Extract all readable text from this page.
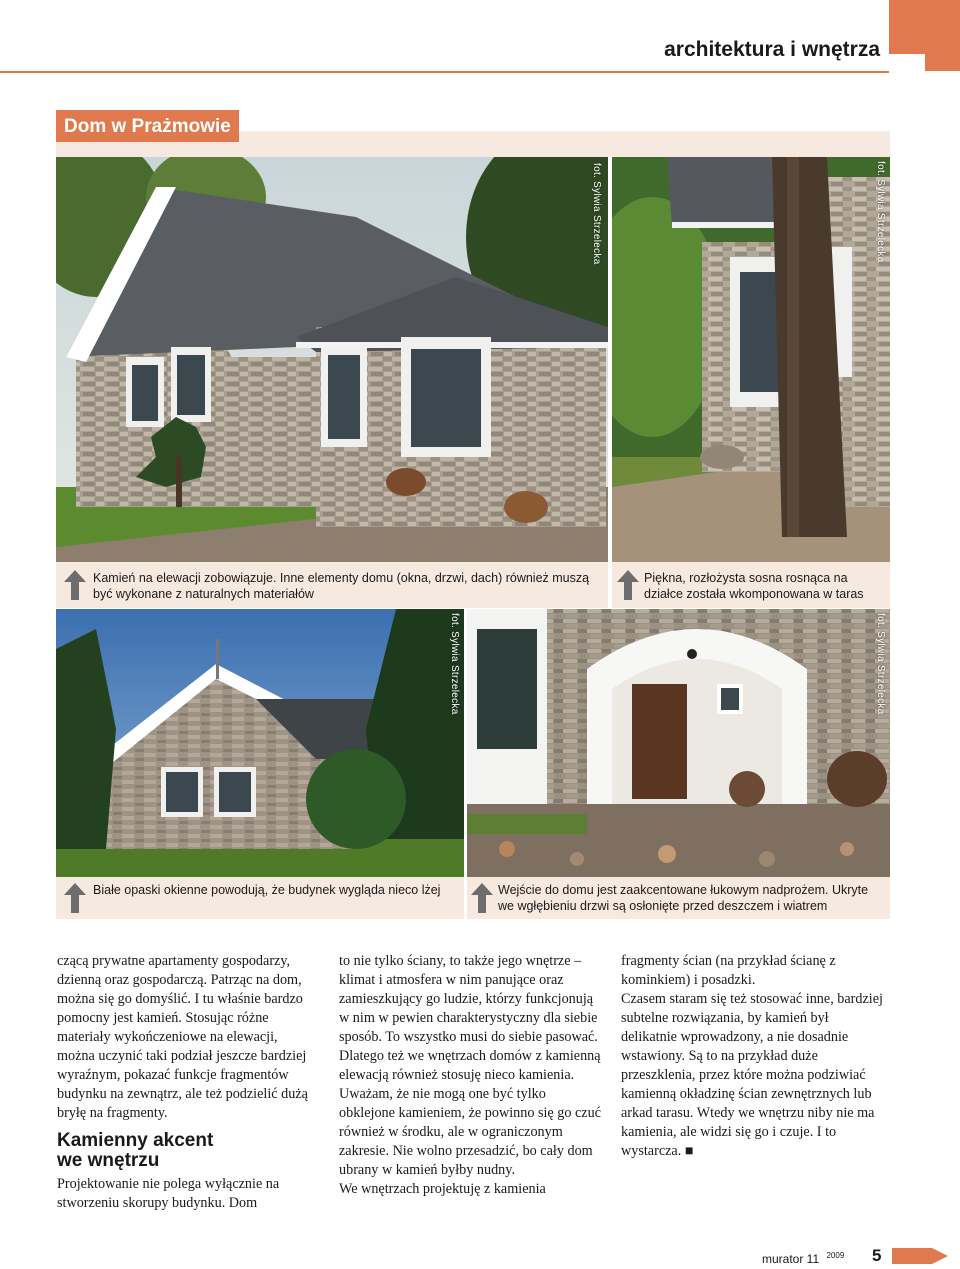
architektura i wnętrza
Dom w Prażmowie
fot. Sylwia Strzelecka	fot. Sylwia Strzelecka
Kamień na elewacji zobowiązuje. Inne elementy domu (okna, drzwi, dach) również muszą być wykonane z naturalnych materiałów
Piękna, rozłożysta sosna rosnąca na działce została wkomponowana w taras
fot. Sylwia Strzelecka	fot. Sylwia Strzelecka
Białe opaski okienne powodują, że budynek wygląda nieco lżej	Wejście do domu jest zaakcentowane łukowym nadprożem. Ukryte we wgłębieniu drzwi są osłonięte przed deszczem i wiatrem

czącą prywatne apartamenty gospodarzy, dzienną oraz gospodarczą. Patrząc na dom, można się go domyślić. I tu właśnie bardzo pomocny jest kamień. Stosując różne materiały wykończeniowe na elewacji, można uczynić taki podział jeszcze bardziej wyraźnym, pokazać funkcje fragmentów budynku na zewnątrz, ale też podzielić dużą bryłę na fragmenty.

Kamienny akcent
we wnętrzu

Projektowanie nie polega wyłącznie na stworzeniu skorupy budynku. Dom

to nie tylko ściany, to także jego wnętrze – klimat i atmosfera w nim panujące oraz zamieszkujący go ludzie, którzy funkcjonują w nim w pewien charakterystyczny dla siebie sposób. To wszystko musi do siebie pasować. Dlatego też we wnętrzach domów z kamienną elewacją również stosuję nieco kamienia. Uważam, że nie mogą one być tylko obklejone kamieniem, że powinno się go czuć również w środku, ale w ograniczonym zakresie. Nie wolno przesadzić, bo cały dom ubrany w kamień byłby nudny.

We wnętrzach projektuję z kamienia

fragmenty ścian (na przykład ścianę z kominkiem) i posadzki.

Czasem staram się też stosować inne, bardziej subtelne rozwiązania, by kamień był delikatnie wprowadzony, a nie dosadnie wstawiony. Są to na przykład duże przeszklenia, przez które można podziwiać kamienną okładzinę ścian zewnętrznych lub arkad tarasu. Wtedy we wnętrzu niby nie ma kamienia, ale widzi się go i czuje. I to wystarcza. ■

murator 11 $^{2009}$ 5
